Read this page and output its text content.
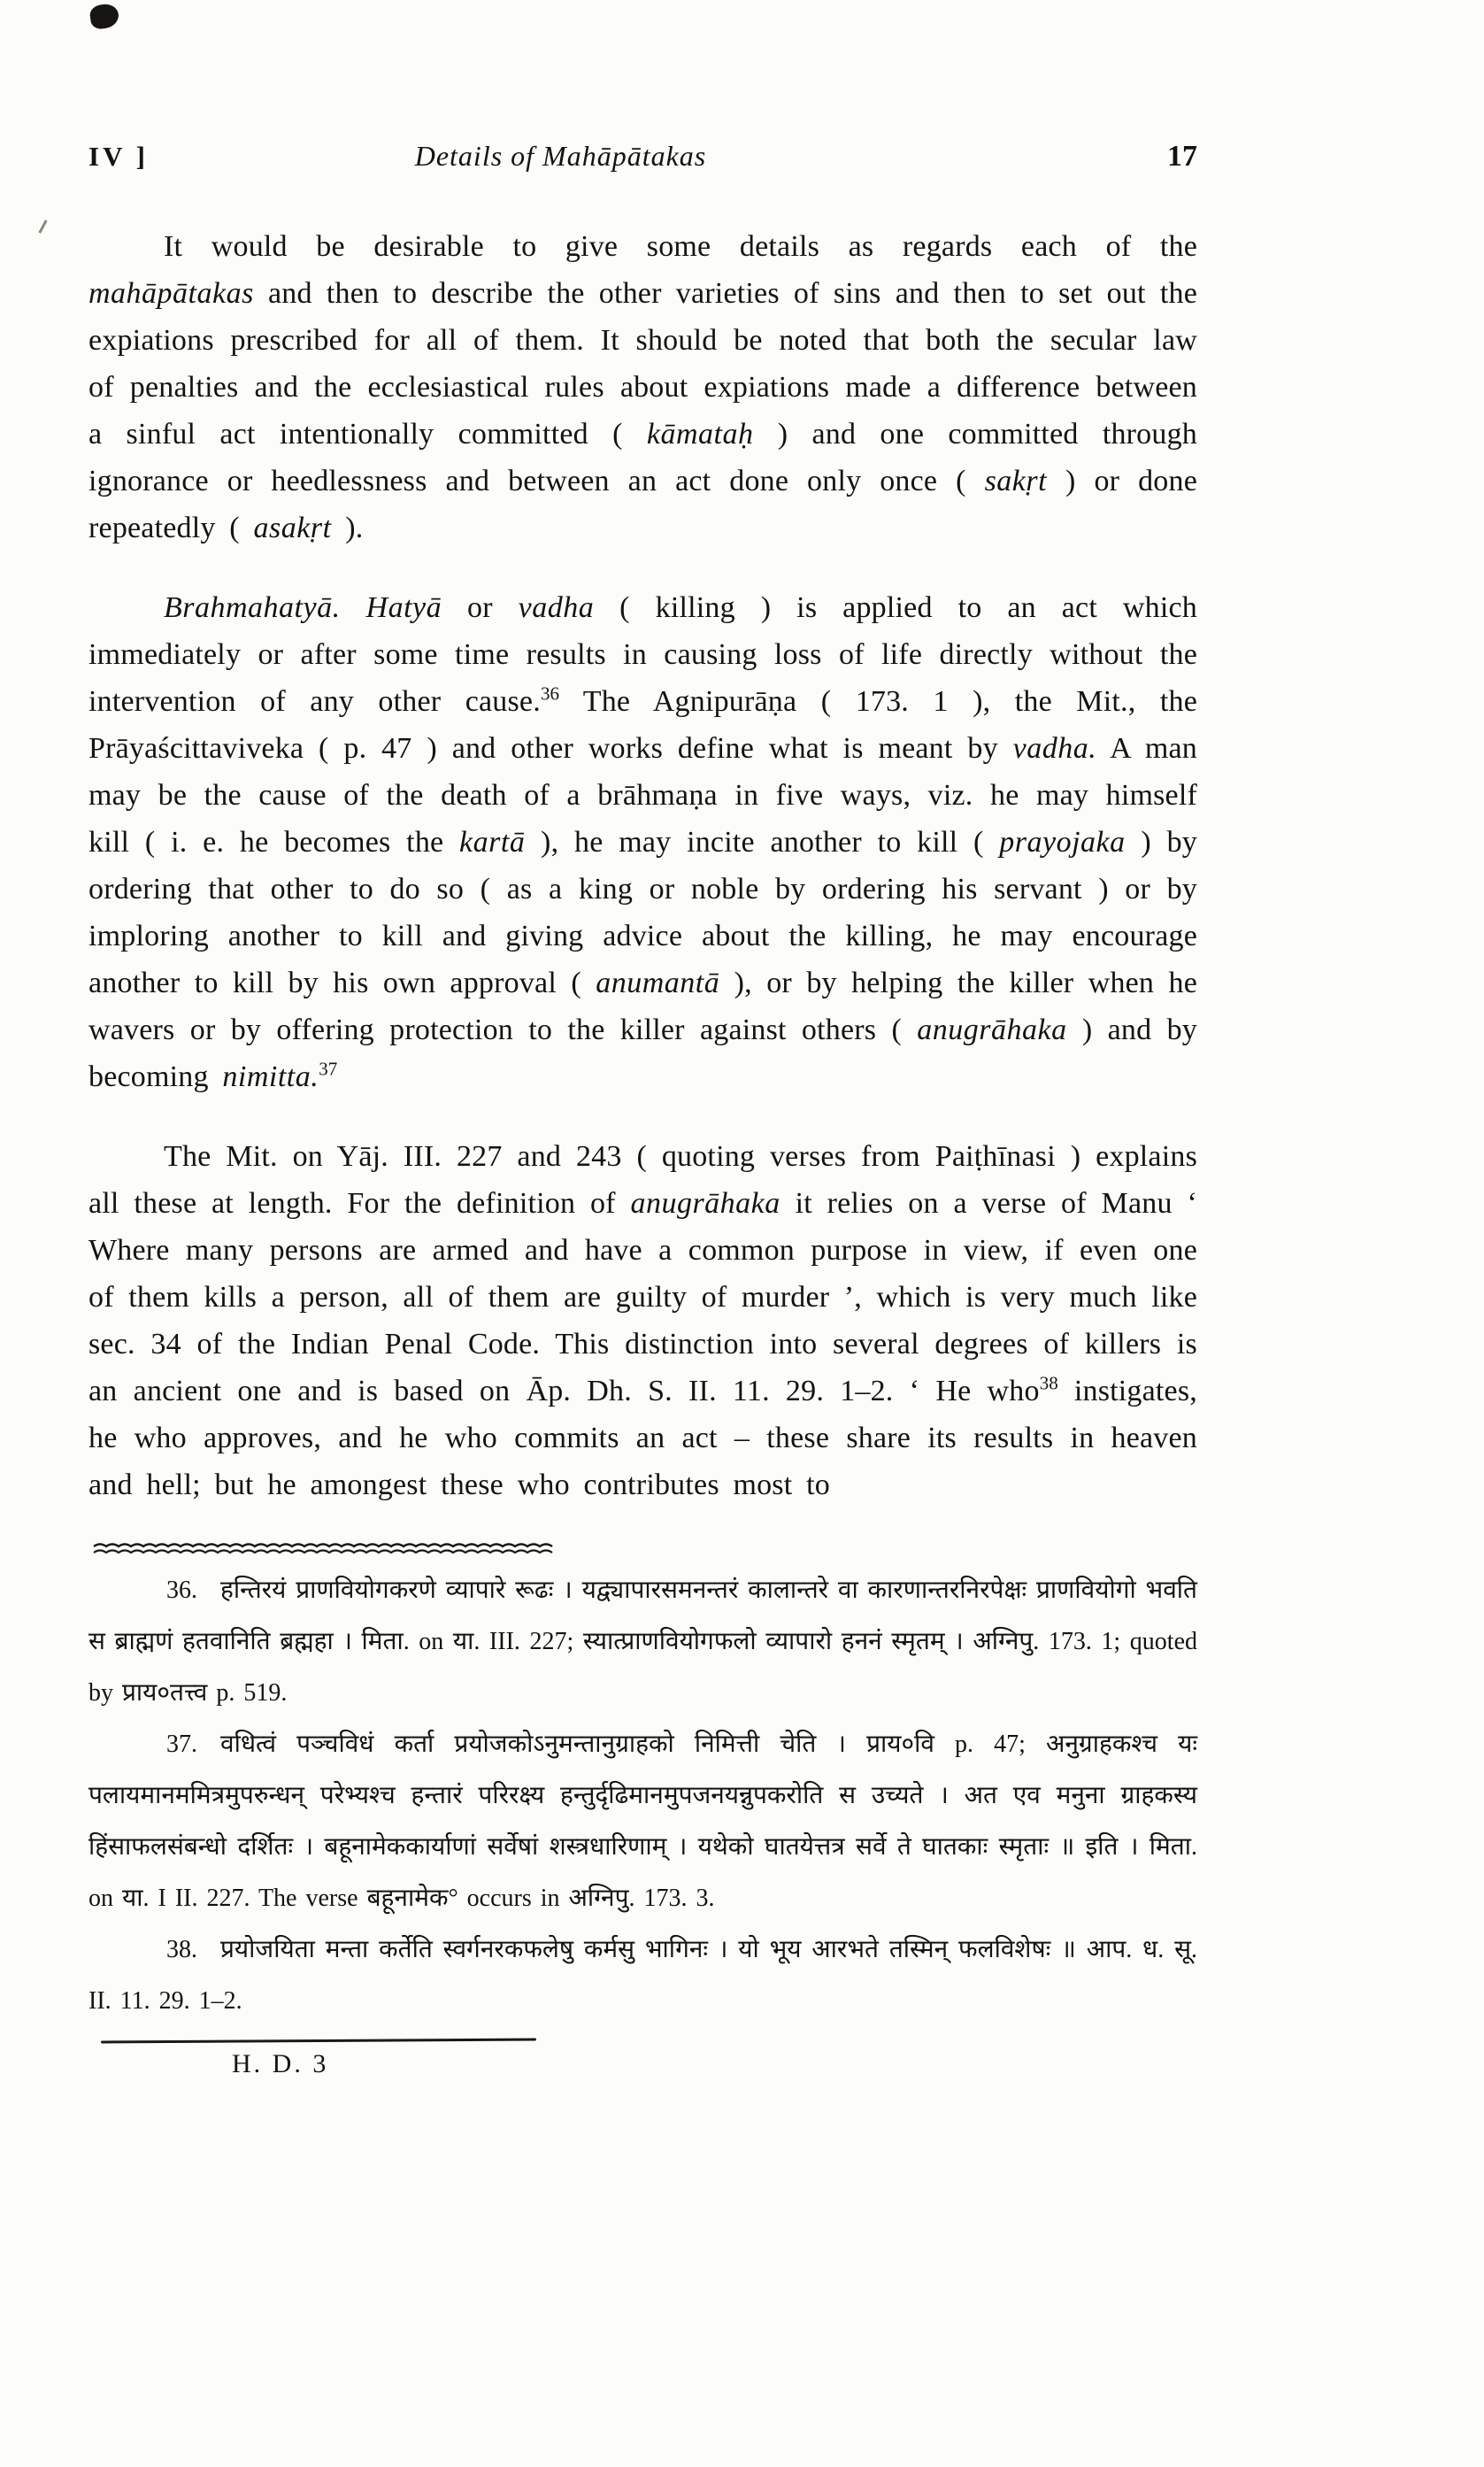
IV ]	Details of Mahāpātakas	17

It would be desirable to give some details as regards each of the mahāpātakas and then to describe the other varieties of sins and then to set out the expiations prescribed for all of them. It should be noted that both the secular law of penalties and the ecclesiastical rules about expiations made a difference between a sinful act intentionally committed ( kāmataḥ ) and one committed through ignorance or heedlessness and between an act done only once ( sakṛt ) or done repeatedly ( asakṛt ).

Brahmahatyā. Hatyā or vadha ( killing ) is applied to an act which immediately or after some time results in causing loss of life directly without the intervention of any other cause.$^{36}$ The Agnipurāṇa ( 173. 1 ), the Mit., the Prāyaścittaviveka ( p. 47 ) and other works define what is meant by vadha. A man may be the cause of the death of a brāhmaṇa in five ways, viz. he may himself kill ( i. e. he becomes the kartā ), he may incite another to kill ( prayojaka ) by ordering that other to do so ( as a king or noble by ordering his servant ) or by imploring another to kill and giving advice about the killing, he may encourage another to kill by his own approval ( anumantā ), or by helping the killer when he wavers or by offering protection to the killer against others ( anugrāhaka ) and by becoming nimitta.$^{37}$

The Mit. on Yāj. III. 227 and 243 ( quoting verses from Paiṭhīnasi ) explains all these at length. For the definition of anugrāhaka it relies on a verse of Manu ‘ Where many persons are armed and have a common purpose in view, if even one of them kills a person, all of them are guilty of murder ’, which is very much like sec. 34 of the Indian Penal Code. This distinction into several degrees of killers is an ancient one and is based on Āp. Dh. S. II. 11. 29. 1–2. ‘ He who$^{38}$ instigates, he who approves, and he who commits an act – these share its results in heaven and hell; but he amongest these who contributes most to

36. हन्तिरयं प्राणवियोगकरणे व्यापारे रूढः । यद्व्यापारसमनन्तरं कालान्तरे वा कारणान्तरनिरपेक्षः प्राणवियोगो भवति स ब्राह्मणं हतवानिति ब्रह्महा । मिता. on या. III. 227; स्यात्प्राणवियोगफलो व्यापारो हननं स्मृतम् । अग्निपु. 173. 1; quoted by प्राय०तत्त्व p. 519.

37. वधित्वं पञ्चविधं कर्ता प्रयोजकोऽनुमन्तानुग्राहको निमित्ती चेति । प्राय०वि p. 47; अनुग्राहकश्च यः पलायमानममित्रमुपरुन्धन् परेभ्यश्च हन्तारं परिरक्ष्य हन्तुर्दृढिमानमुपजनयन्नुपकरोति स उच्यते । अत एव मनुना ग्राहकस्य हिंसाफलसंबन्धो दर्शितः । बहूनामेककार्याणां सर्वेषां शस्त्रधारिणाम् । यथेको घातयेत्तत्र सर्वे ते घातकाः स्मृताः ॥ इति । मिता. on या. I II. 227. The verse बहूनामेक° occurs in अग्निपु. 173. 3.

38. प्रयोजयिता मन्ता कर्तेति स्वर्गनरकफलेषु कर्मसु भागिनः । यो भूय आरभते तस्मिन् फलविशेषः ॥ आप. ध. सू. II. 11. 29. 1–2.

H. D. 3
